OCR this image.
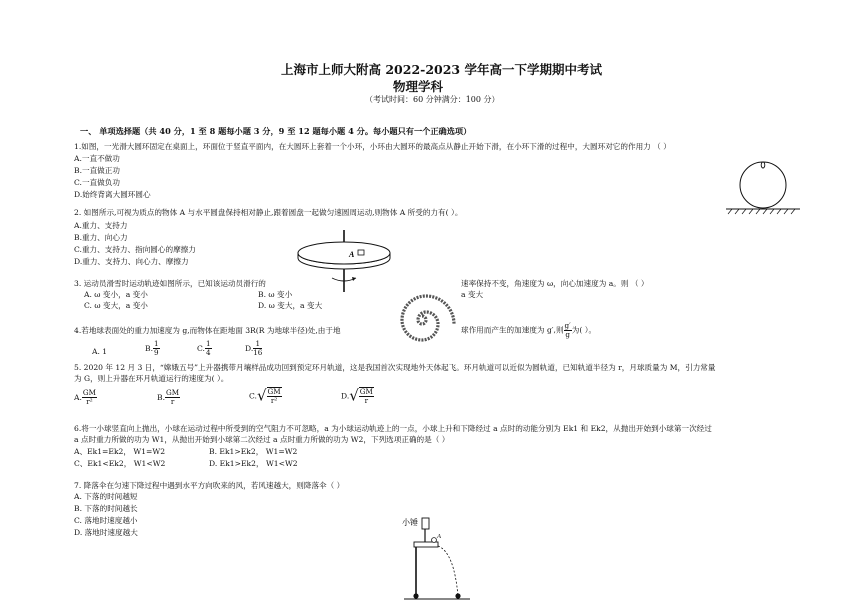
上海市上师大附高 2022-2023 学年高一下学期期中考试
物理学科
（考试时间：60 分钟满分：100 分）
一、 单项选择题（共 40 分，1 至 8 题每小题 3 分，9 至 12 题每小题 4 分。每小题只有一个正确选项）
1.如图，一光滑大圆环固定在桌面上，环面位于竖直平面内，在大圆环上套着一个小环，小环由大圆环的最高点从静止开始下滑，在小环下滑的过程中，大圆环对它的作用力 （ ）
A.一直不做功
B.一直做正功
C.一直做负功
D.始终背离大圆环圆心
2. 如图所示,可视为质点的物体 A 与水平圆盘保持相对静止,跟着圆盘一起做匀速圆周运动,则物体 A 所受的力有( ）。
A.重力、支持力
B.重力、向心力
C.重力、支持力、指向圆心的摩擦力
D.重力、支持力、向心力、摩擦力
A
3. 运动员滑雪时运动轨迹如图所示，已知该运动员滑行的	速率保持不变，角速度为 ω，向心加速度为 a。则 （ ）
A. ω 变小，a 变小	B. ω 变小	a 变大
C. ω 变大，a 变小	D. ω 变大，a 变大
4.若地球表面处的重力加速度为 g,而物体在距地面 3R(R 为地球半径)处,由于地	球作用而产生的加速度为 g′,则 $\frac{g'}{g}$ 为( ）。
A. 1	B. $\frac{1}{9}$	C. $\frac{1}{4}$	D. $\frac{1}{16}$
5. 2020 年 12 月 3 日，“嫦娥五号”上升器携带月壤样品成功回到预定环月轨道，这是我国首次实现地外天体起飞。环月轨道可以近似为圆轨道，已知轨道半径为 r，月球质量为 M，引力常量
为 G，则上升器在环月轨道运行的速度为( ）。
A. $\frac{GM}{\text{r²}}$	B. $\frac{GM}{r}$	$C.√ \frac{GM}{\text{r²}}$	$D.√ \frac{GM}{r}$
6.将一小球竖直向上抛出，小球在运动过程中所受到的空气阻力不可忽略，a 为小球运动轨迹上的一点，小球上升和下降经过 a 点时的动能分别为 Ek1 和 Ek2，从抛出开始到小球第一次经过
a 点时重力所做的功为 W1，从抛出开始到小球第二次经过 a 点时重力所做的功为 W2，下列选项正确的是（ ）
A、Ek1=Ek2， W1=W2	B. Ek1>Ek2， W1=W2
C、Ek1<Ek2， W1<W2	D. Ek1>Ek2， W1<W2
7. 降落伞在匀速下降过程中遇到水平方向吹来的风，若风速越大，则降落伞（ ）
A. 下落的时间越短
B. 下落的时间越长
C. 落地时速度越小
D. 落地时速度越大
小锤
A
